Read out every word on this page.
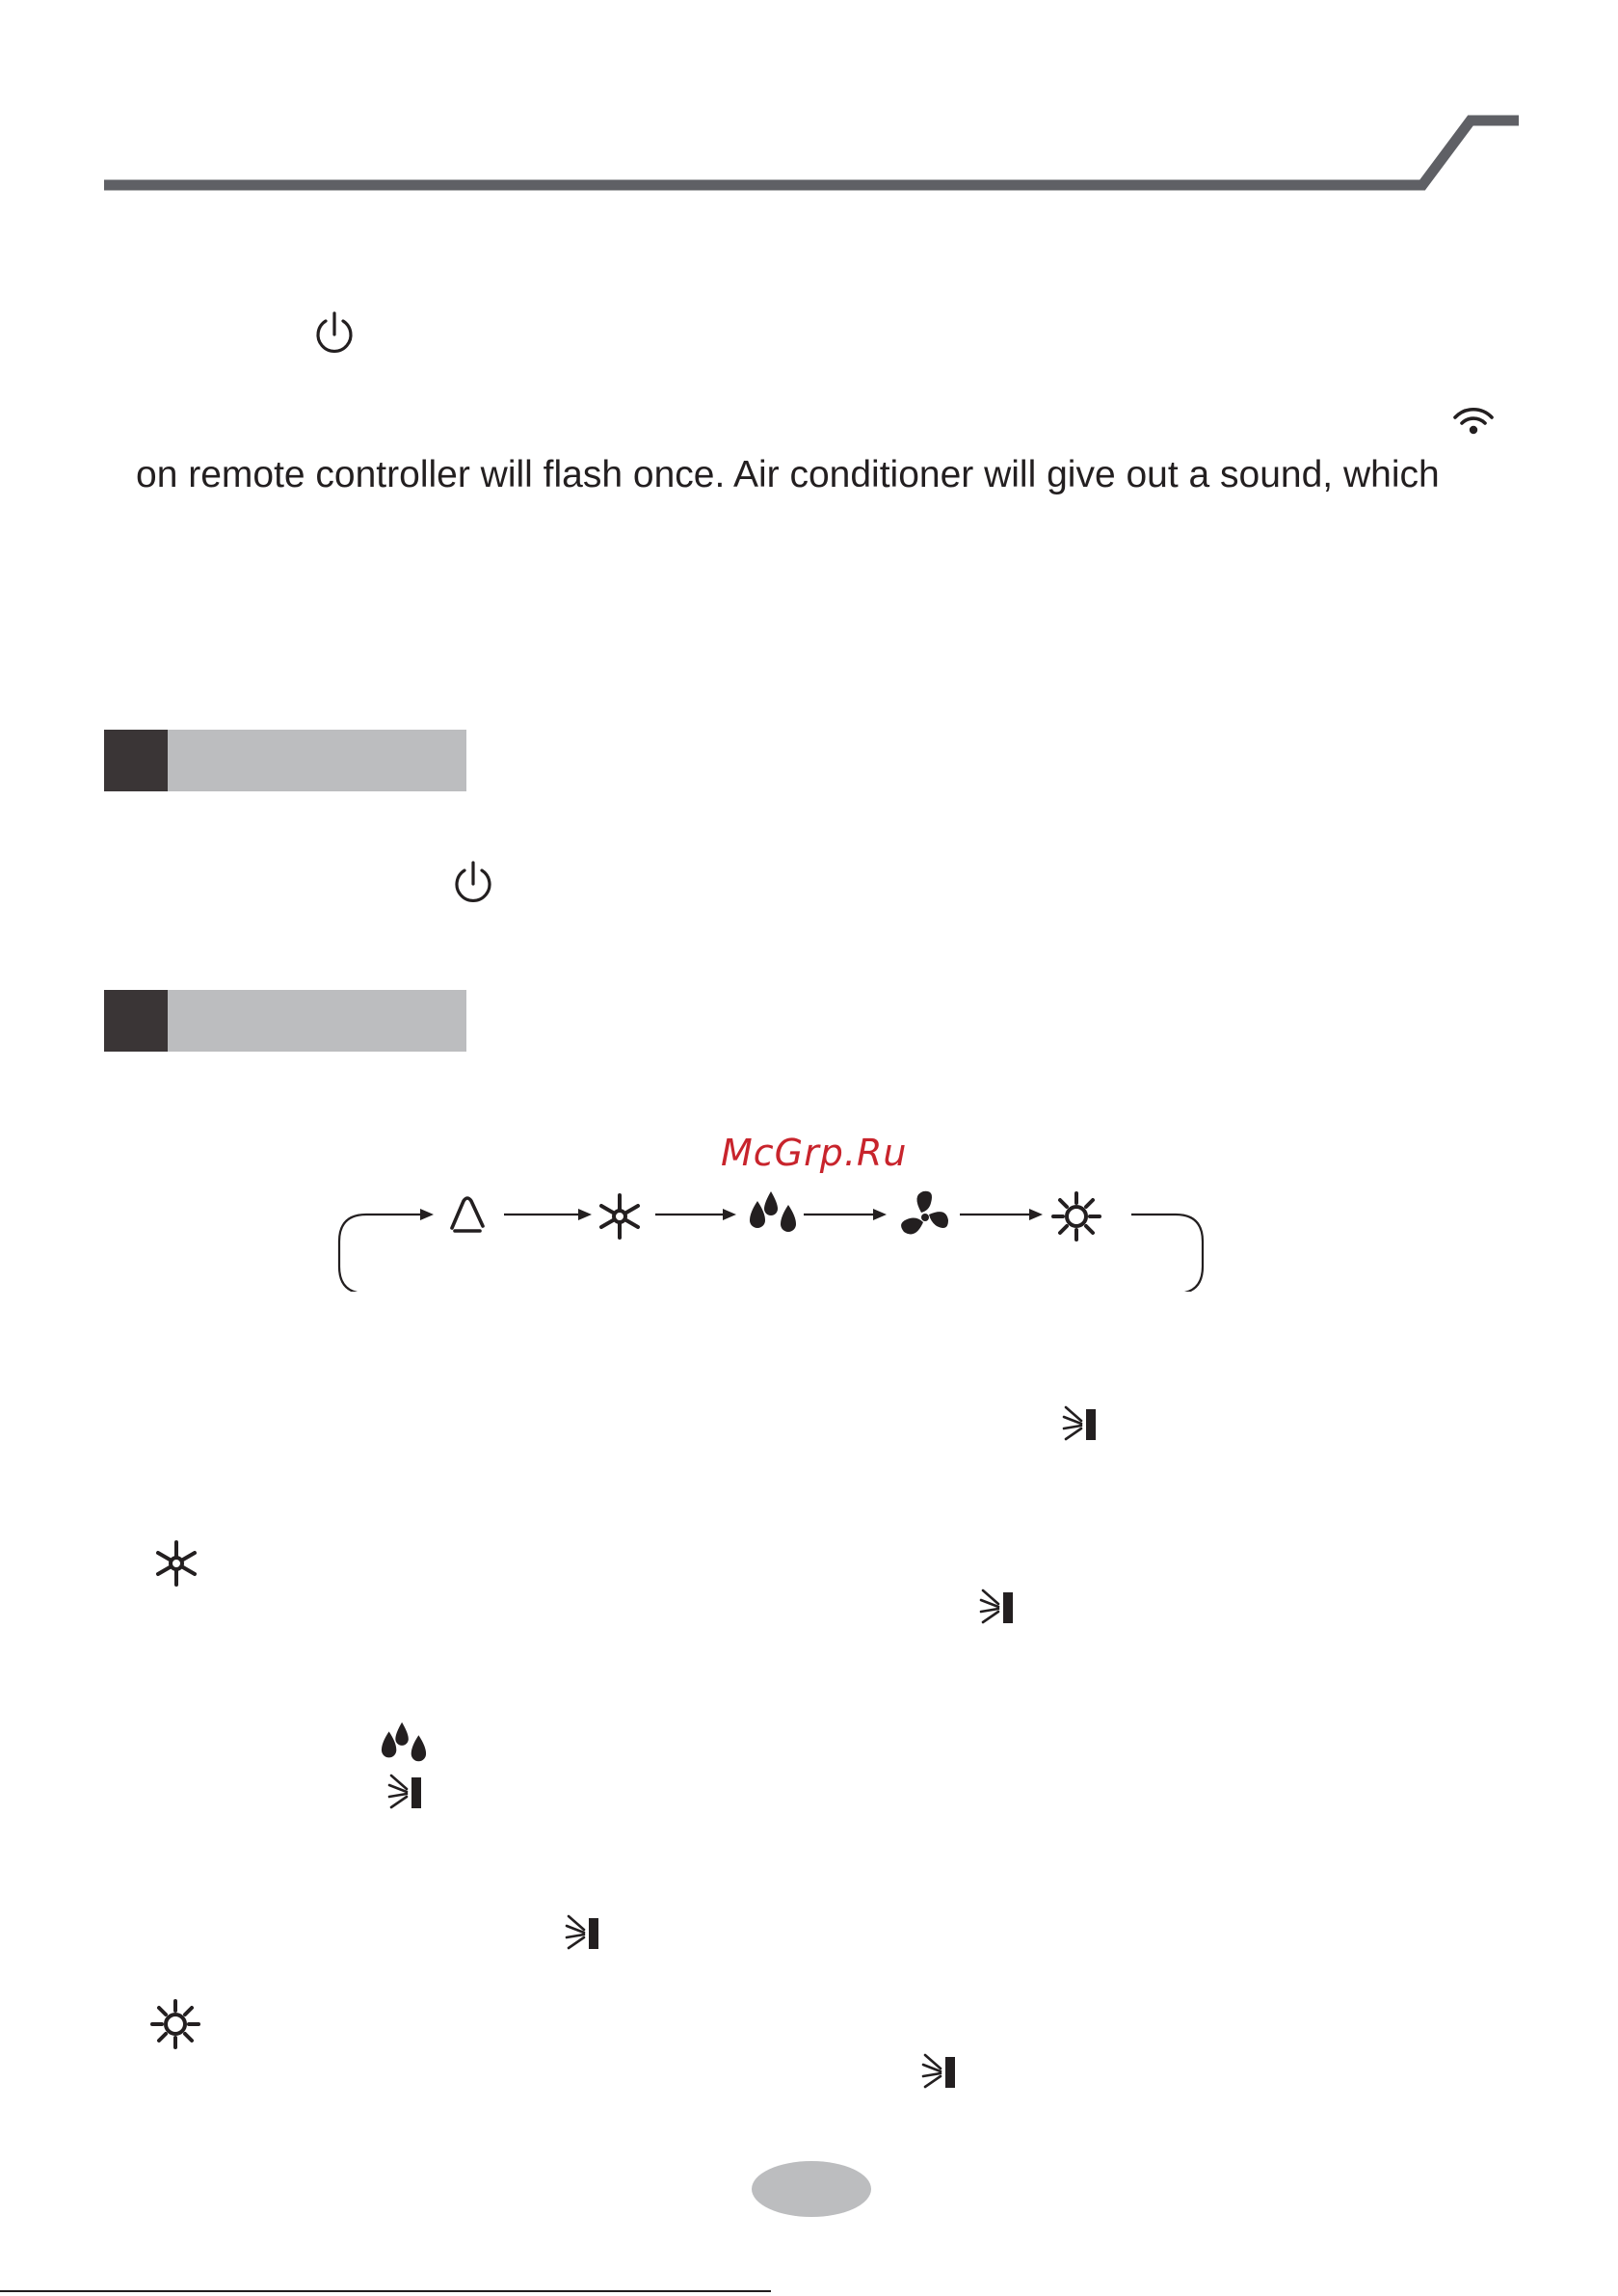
on remote controller will flash once. Air conditioner will give out a sound, which
McGrp.Ru
